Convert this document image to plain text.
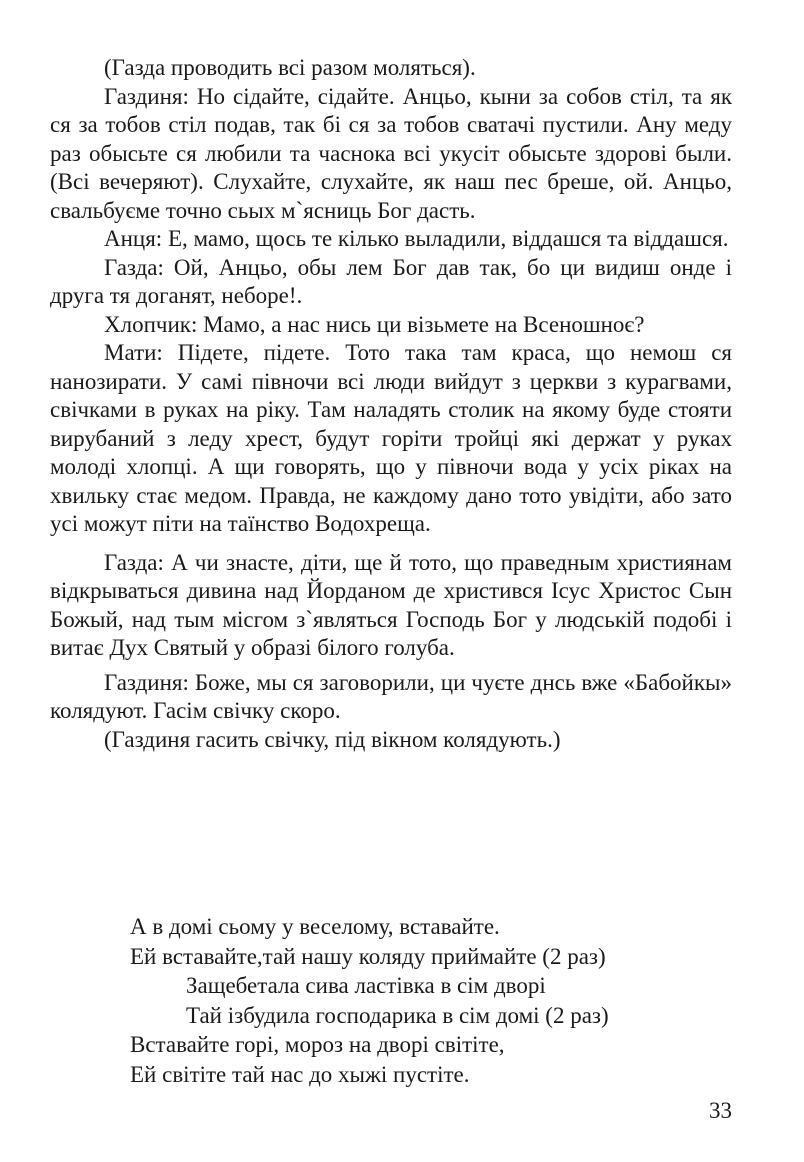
(Газда проводить всі разом моляться).

Газдиня: Но сідайте, сідайте. Анцьо, кыни за собов стіл, та як ся за тобов стіл подав, так бі ся за тобов сватачі пустили. Ану меду раз обысьте ся любили та часнока всі укусіт обысьте здорові были. (Всі вечеряют). Слухайте, слухайте, як наш пес бреше, ой. Анцьо, свальбуєме точно сьых м`ясниць Бог дасть.

Анця: Е, мамо, щось те кілько выладили, віддашся та віддашся.

Газда: Ой, Анцьо, обы лем Бог дав так, бо ци видиш онде і друга тя доганят, неборе!.

Хлопчик: Мамо, а нас нись ци візьмете на Всеношноє?

Мати: Підете, підете. Тото така там краса, що немош ся нанозирати. У самі півночи всі люди вийдут з церкви з курагвами, свічками в руках на ріку. Там наладять столик на якому буде стояти вирубаний з леду хрест, будут горіти тройці які держат у руках молоді хлопці. А щи говорять, що у півночи вода у усіх ріках на хвильку стає медом. Правда, не каждому дано тото увідіти, або зато усі можут піти на таїнство Водохреща.

Газда: А чи знасте, діти, ще й тото, що праведным християнам відкрываться дивина над Йорданом де христився Ісус Христос Сын Божый, над тым місгом з`являться Господь Бог у людській подобі і витає Дух Святый у образі білого голуба.

Газдиня: Боже, мы ся заговорили, ци чуєте днсь вже «Бабойкы» колядуют. Гасім свічку скоро.

(Газдиня гасить свічку, під вікном колядують.)

А в домі сьому у веселому, вставайте.

Ей вставайте,тай нашу коляду приймайте (2 раз)

Защебетала сива ластівка в сім дворі

Тай ізбудила господарика в сім домі (2 раз)

Вставайте горі, мороз на дворі світіте,

Ей світіте тай нас до хыжі пустіте.

33
